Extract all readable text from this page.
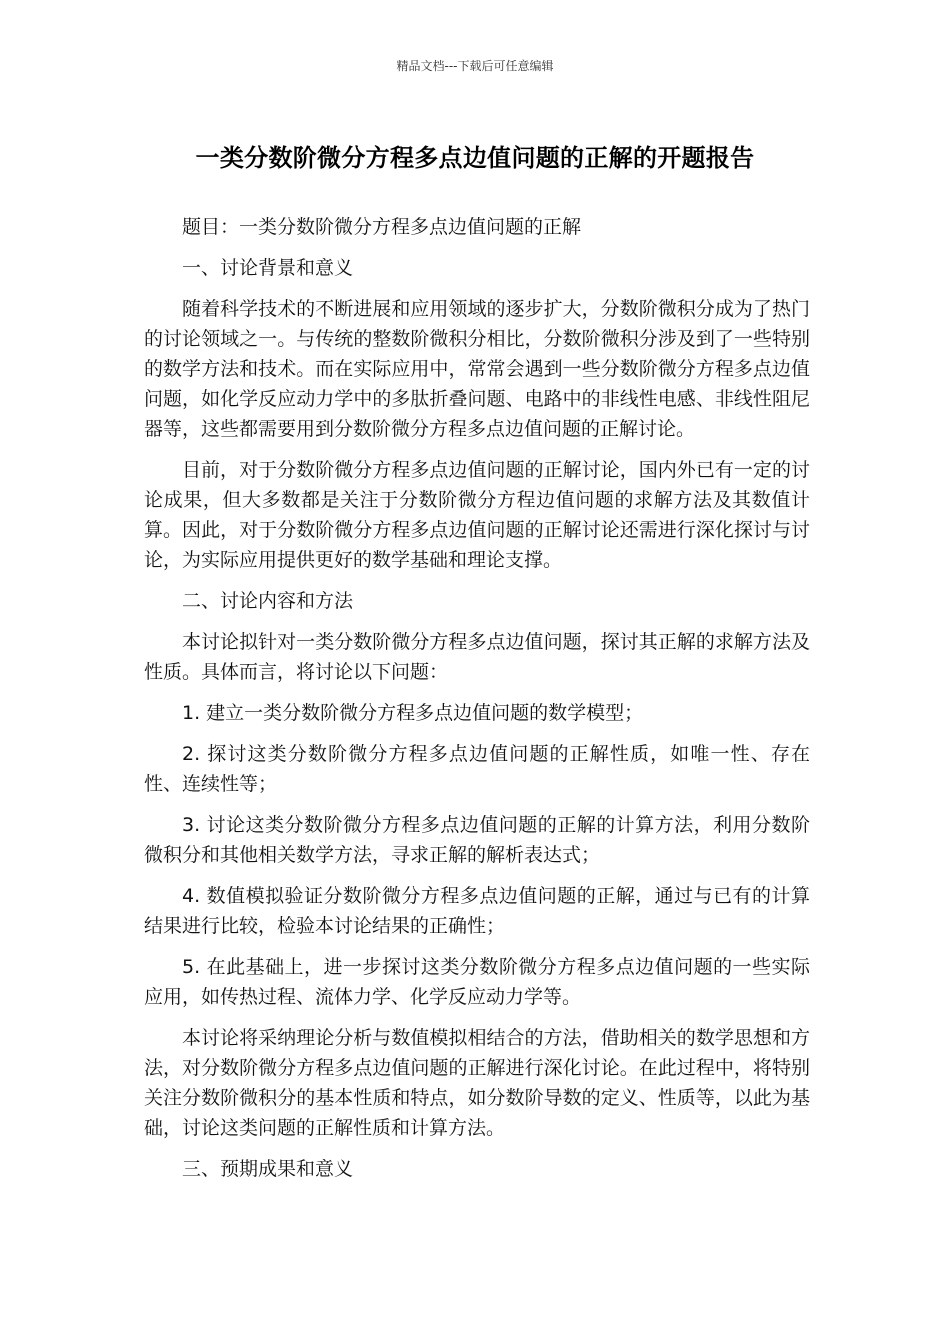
精品文档---下载后可任意编辑
一类分数阶微分方程多点边值问题的正解的开题报告

题目：一类分数阶微分方程多点边值问题的正解

一、讨论背景和意义

随着科学技术的不断进展和应用领域的逐步扩大，分数阶微积分成为了热门的讨论领域之一。与传统的整数阶微积分相比，分数阶微积分涉及到了一些特别的数学方法和技术。而在实际应用中，常常会遇到一些分数阶微分方程多点边值问题，如化学反应动力学中的多肽折叠问题、电路中的非线性电感、非线性阻尼器等，这些都需要用到分数阶微分方程多点边值问题的正解讨论。

目前，对于分数阶微分方程多点边值问题的正解讨论，国内外已有一定的讨论成果，但大多数都是关注于分数阶微分方程边值问题的求解方法及其数值计算。因此，对于分数阶微分方程多点边值问题的正解讨论还需进行深化探讨与讨论，为实际应用提供更好的数学基础和理论支撑。

二、讨论内容和方法

本讨论拟针对一类分数阶微分方程多点边值问题，探讨其正解的求解方法及性质。具体而言，将讨论以下问题：

1. 建立一类分数阶微分方程多点边值问题的数学模型；

2. 探讨这类分数阶微分方程多点边值问题的正解性质，如唯一性、存在性、连续性等；

3. 讨论这类分数阶微分方程多点边值问题的正解的计算方法，利用分数阶微积分和其他相关数学方法，寻求正解的解析表达式；

4. 数值模拟验证分数阶微分方程多点边值问题的正解，通过与已有的计算结果进行比较，检验本讨论结果的正确性；

5. 在此基础上，进一步探讨这类分数阶微分方程多点边值问题的一些实际应用，如传热过程、流体力学、化学反应动力学等。

本讨论将采纳理论分析与数值模拟相结合的方法，借助相关的数学思想和方法，对分数阶微分方程多点边值问题的正解进行深化讨论。在此过程中，将特别关注分数阶微积分的基本性质和特点，如分数阶导数的定义、性质等，以此为基础，讨论这类问题的正解性质和计算方法。

三、预期成果和意义
